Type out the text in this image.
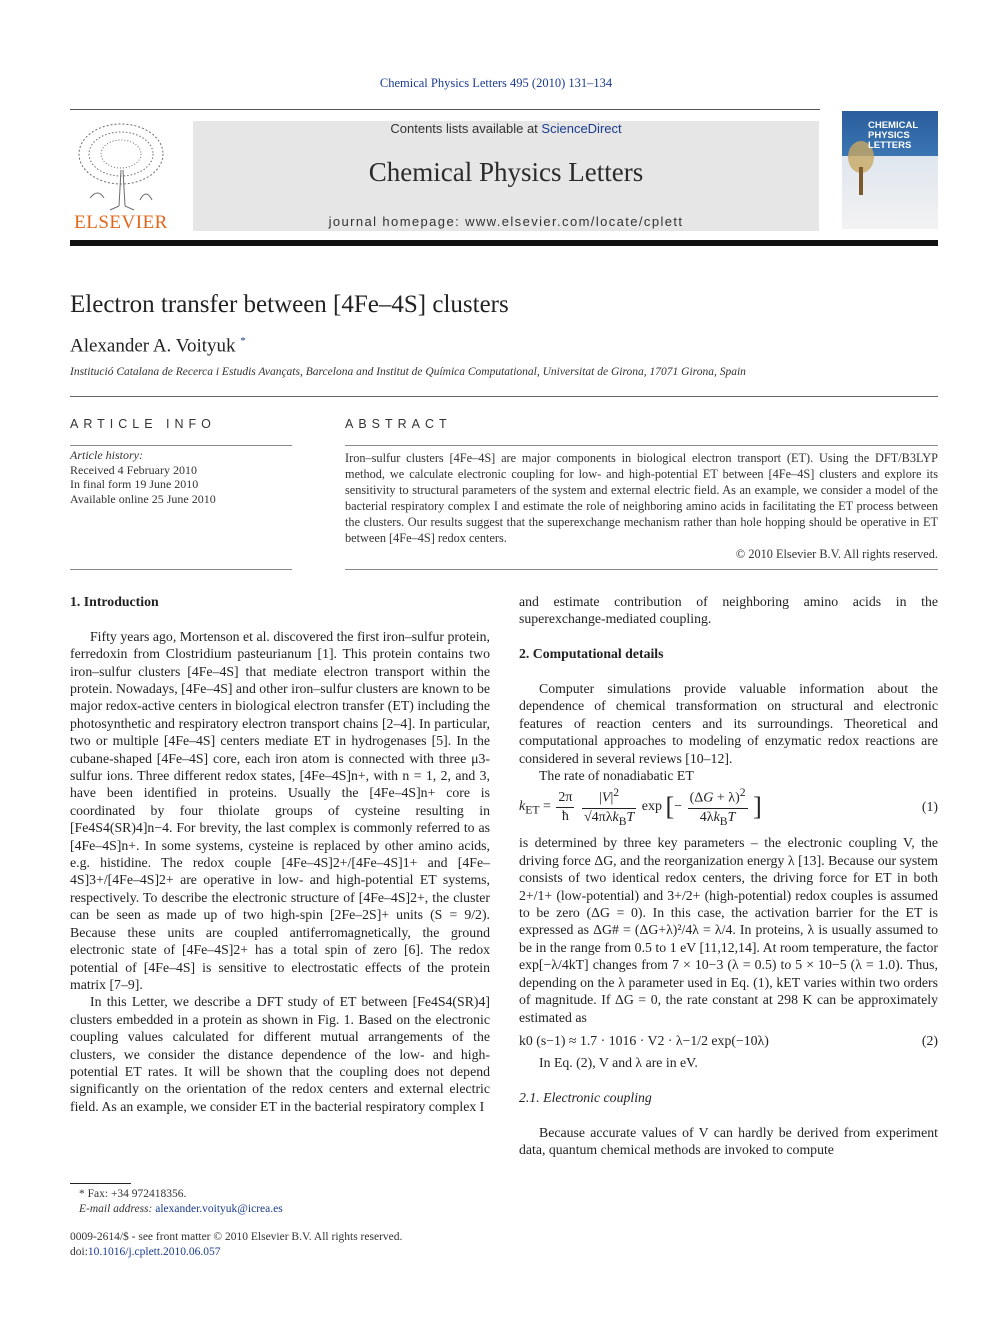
Chemical Physics Letters 495 (2010) 131–134
ELSEVIER
Contents lists available at ScienceDirect
Chemical Physics Letters
journal homepage: www.elsevier.com/locate/cplett
CHEMICAL
PHYSICS
LETTERS
Electron transfer between [4Fe–4S] clusters
Alexander A. Voityuk *
Institució Catalana de Recerca i Estudis Avançats, Barcelona and Institut de Química Computational, Universitat de Girona, 17071 Girona, Spain
ARTICLE INFO	ABSTRACT
Article history:
Received 4 February 2010
In final form 19 June 2010
Available online 25 June 2010
Iron–sulfur clusters [4Fe–4S] are major components in biological electron transport (ET). Using the DFT/B3LYP method, we calculate electronic coupling for low- and high-potential ET between [4Fe–4S] clusters and explore its sensitivity to structural parameters of the system and external electric field. As an example, we consider a model of the bacterial respiratory complex I and estimate the role of neighboring amino acids in facilitating the ET process between the clusters. Our results suggest that the superexchange mechanism rather than hole hopping should be operative in ET between [4Fe–4S] redox centers.
© 2010 Elsevier B.V. All rights reserved.

1. Introduction

Fifty years ago, Mortenson et al. discovered the first iron–sulfur protein, ferredoxin from Clostridium pasteurianum [1]. This protein contains two iron–sulfur clusters [4Fe–4S] that mediate electron transport within the protein. Nowadays, [4Fe–4S] and other iron–sulfur clusters are known to be major redox-active centers in biological electron transfer (ET) including the photosynthetic and respiratory electron transport chains [2–4]. In particular, two or multiple [4Fe–4S] centers mediate ET in hydrogenases [5]. In the cubane-shaped [4Fe–4S] core, each iron atom is connected with three μ3-sulfur ions. Three different redox states, [4Fe–4S]n+, with n = 1, 2, and 3, have been identified in proteins. Usually the [4Fe–4S]n+ core is coordinated by four thiolate groups of cysteine resulting in [Fe4S4(SR)4]n−4. For brevity, the last complex is commonly referred to as [4Fe–4S]n+. In some systems, cysteine is replaced by other amino acids, e.g. histidine. The redox couple [4Fe–4S]2+/[4Fe–4S]1+ and [4Fe–4S]3+/[4Fe–4S]2+ are operative in low- and high-potential ET systems, respectively. To describe the electronic structure of [4Fe–4S]2+, the cluster can be seen as made up of two high-spin [2Fe–2S]+ units (S = 9/2). Because these units are coupled antiferromagnetically, the ground electronic state of [4Fe–4S]2+ has a total spin of zero [6]. The redox potential of [4Fe–4S] is sensitive to electrostatic effects of the protein matrix [7–9].

In this Letter, we describe a DFT study of ET between [Fe4S4(SR)4] clusters embedded in a protein as shown in Fig. 1. Based on the electronic coupling values calculated for different mutual arrangements of the clusters, we consider the distance dependence of the low- and high-potential ET rates. It will be shown that the coupling does not depend significantly on the orientation of the redox centers and external electric field. As an example, we consider ET in the bacterial respiratory complex I

and estimate contribution of neighboring amino acids in the superexchange-mediated coupling.

2. Computational details

Computer simulations provide valuable information about the dependence of chemical transformation on structural and electronic features of reaction centers and its surroundings. Theoretical and computational approaches to modeling of enzymatic redox reactions are considered in several reviews [10–12].

The rate of nonadiabatic ET

$k_{ET} = \frac{2\pi}{ħ}$
$\frac{|V|^2}{√4\pi\lambda k_BT}$ exp [− $\frac{(\Delta G + \lambda)^2}{4\lambda k_BT}$ ]	(1)

is determined by three key parameters – the electronic coupling V, the driving force ΔG, and the reorganization energy λ [13]. Because our system consists of two identical redox centers, the driving force for ET in both 2+/1+ (low-potential) and 3+/2+ (high-potential) redox couples is assumed to be zero (ΔG = 0). In this case, the activation barrier for the ET is expressed as ΔG# = (ΔG+λ)²/4λ = λ/4. In proteins, λ is usually assumed to be in the range from 0.5 to 1 eV [11,12,14]. At room temperature, the factor exp[−λ/4kT] changes from 7 × 10−3 (λ = 0.5) to 5 × 10−5 (λ = 1.0). Thus, depending on the λ parameter used in Eq. (1), kET varies within two orders of magnitude. If ΔG = 0, the rate constant at 298 K can be approximately estimated as

k0 (s−1) ≈ 1.7 · 1016 · V2 · λ−1/2 exp(−10λ)	(2)

In Eq. (2), V and λ are in eV.

2.1. Electronic coupling

Because accurate values of V can hardly be derived from experiment data, quantum chemical methods are invoked to compute

* Fax: +34 972418356.
E-mail address: alexander.voityuk@icrea.es
0009-2614/$ - see front matter © 2010 Elsevier B.V. All rights reserved.
doi:10.1016/j.cplett.2010.06.057
